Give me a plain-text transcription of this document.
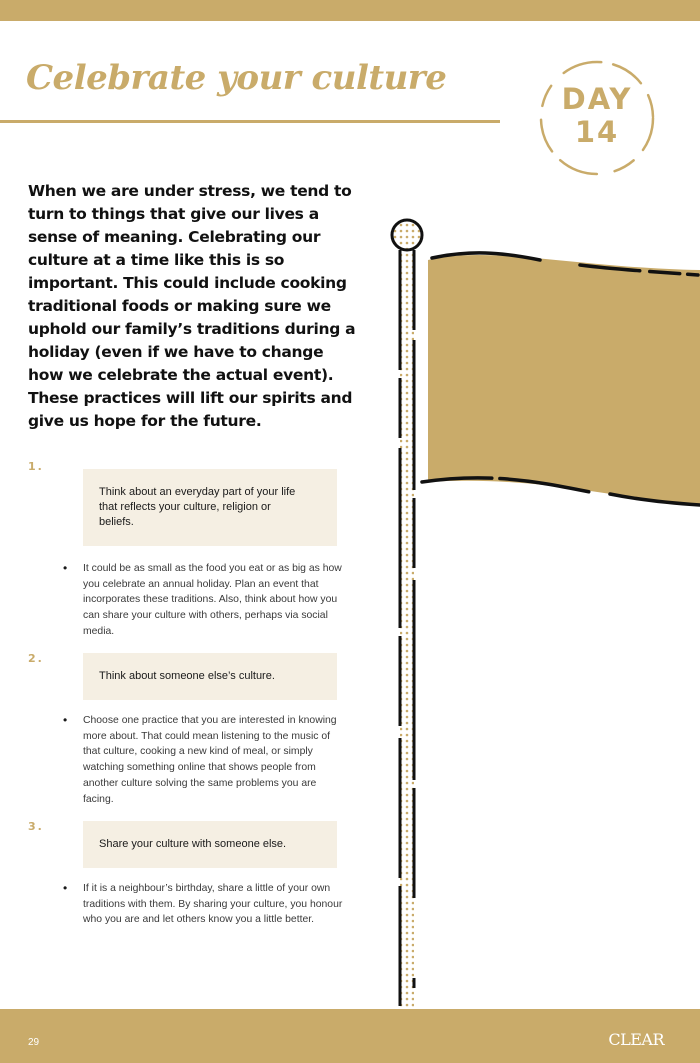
Celebrate your culture
DAY
14

When we are under stress, we tend to turn to things that give our lives a sense of meaning. Celebrating our culture at a time like this is so important. This could include cooking traditional foods or making sure we uphold our family’s traditions during a holiday (even if we have to change how we celebrate the actual event). These practices will lift our spirits and give us hope for the future.

1.
Think about an everyday part of your life that reflects your culture, religion or beliefs.
•	It could be as small as the food you eat or as big as how you celebrate an annual holiday. Plan an event that incorporates these traditions. Also, think about how you can share your culture with others, perhaps via social media.
2.
Think about someone else’s culture.
•	Choose one practice that you are interested in knowing more about. That could mean listening to the music of that culture, cooking a new kind of meal, or simply watching something online that shows people from another culture solving the same problems you are facing.
3.
Share your culture with someone else.
•	If it is a neighbour’s birthday, share a little of your own traditions with them. By sharing your culture, you honour who you are and let others know you a little better.
29	CLEAR
